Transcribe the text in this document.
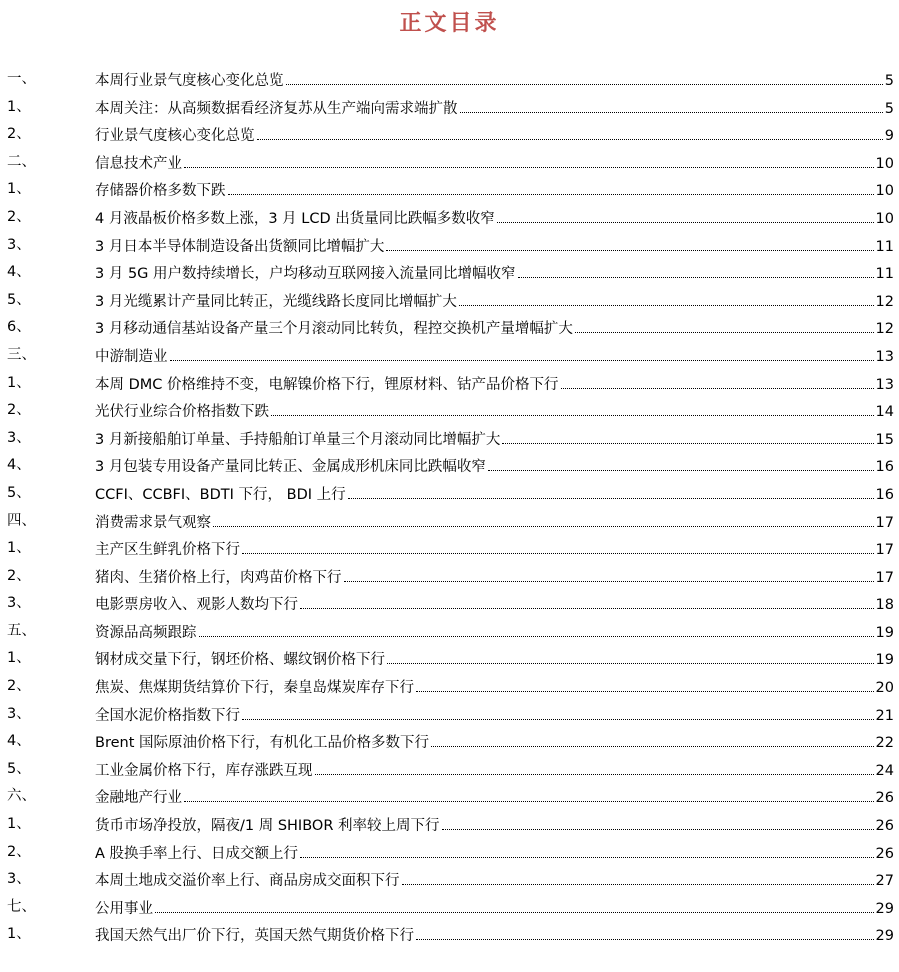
正文目录
一、	本周行业景气度核心变化总览	5
1、	本周关注：从高频数据看经济复苏从生产端向需求端扩散	5
2、	行业景气度核心变化总览	9
二、	信息技术产业	10
1、	存储器价格多数下跌	10
2、	4 月液晶板价格多数上涨，3 月 LCD 出货量同比跌幅多数收窄	10
3、	3 月日本半导体制造设备出货额同比增幅扩大	11
4、	3 月 5G 用户数持续增长，户均移动互联网接入流量同比增幅收窄	11
5、	3 月光缆累计产量同比转正，光缆线路长度同比增幅扩大	12
6、	3 月移动通信基站设备产量三个月滚动同比转负，程控交换机产量增幅扩大	12
三、	中游制造业	13
1、	本周 DMC 价格维持不变，电解镍价格下行，锂原材料、钴产品价格下行	13
2、	光伏行业综合价格指数下跌	14
3、	3 月新接船舶订单量、手持船舶订单量三个月滚动同比增幅扩大	15
4、	3 月包装专用设备产量同比转正、金属成形机床同比跌幅收窄	16
5、	CCFI、CCBFI、BDTI 下行， BDI 上行	16
四、	消费需求景气观察	17
1、	主产区生鲜乳价格下行	17
2、	猪肉、生猪价格上行，肉鸡苗价格下行	17
3、	电影票房收入、观影人数均下行	18
五、	资源品高频跟踪	19
1、	钢材成交量下行，钢坯价格、螺纹钢价格下行	19
2、	焦炭、焦煤期货结算价下行，秦皇岛煤炭库存下行	20
3、	全国水泥价格指数下行	21
4、	Brent 国际原油价格下行，有机化工品价格多数下行	22
5、	工业金属价格下行，库存涨跌互现	24
六、	金融地产行业	26
1、	货币市场净投放，隔夜/1 周 SHIBOR 利率较上周下行	26
2、	A 股换手率上行、日成交额上行	26
3、	本周土地成交溢价率上行、商品房成交面积下行	27
七、	公用事业	29
1、	我国天然气出厂价下行，英国天然气期货价格下行	29
